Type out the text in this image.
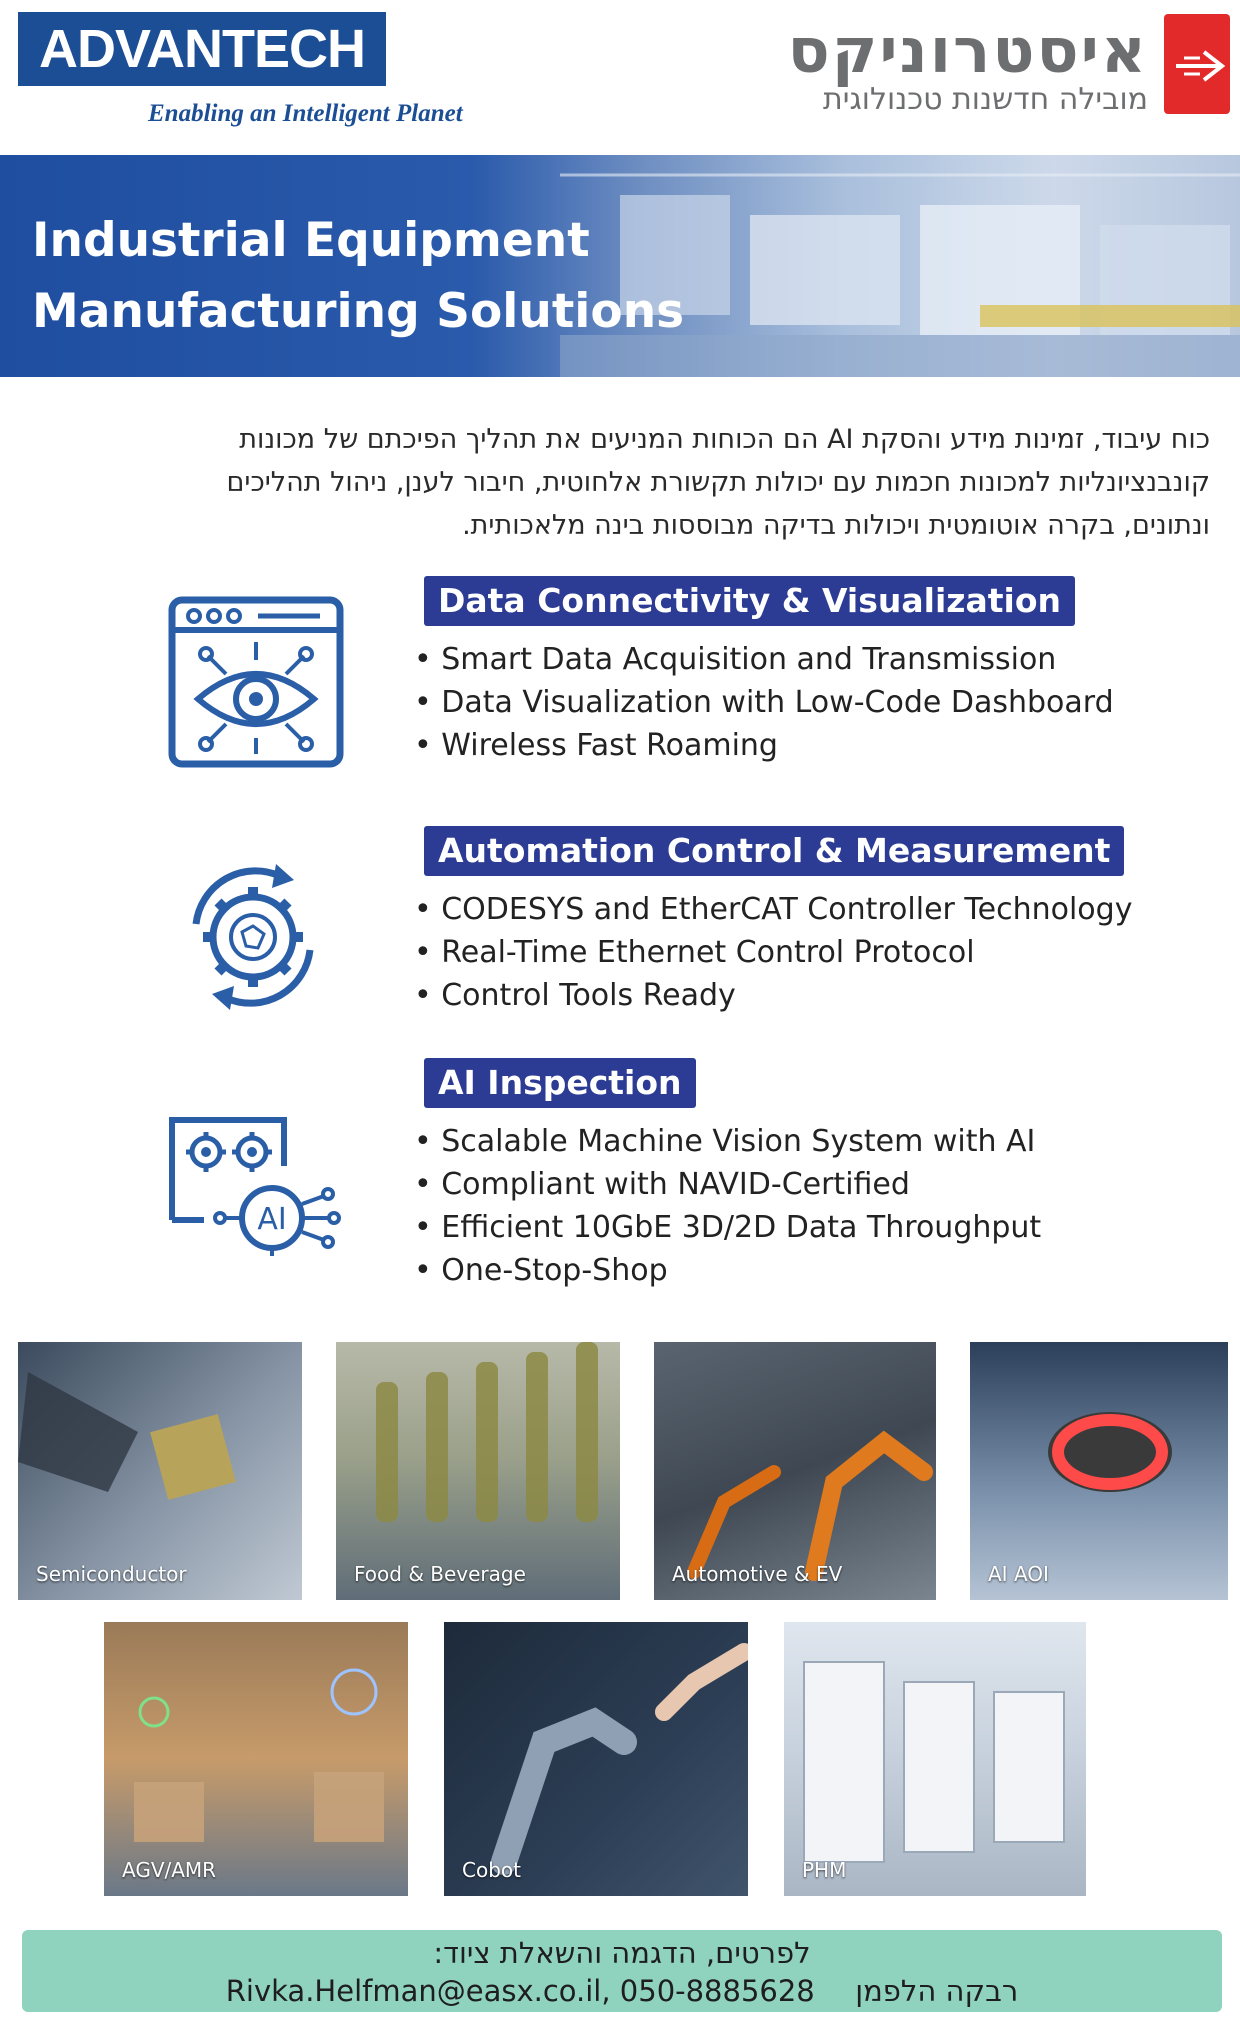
ADVANTECH
Enabling an Intelligent Planet
איסטרוניקס
מובילה חדשנות טכנולוגית
Industrial Equipment
Manufacturing Solutions
כוח עיבוד, זמינות מידע והסקת AI הם הכוחות המניעים את תהליך הפיכתם של מכונות
קונבנציונליות למכונות חכמות עם יכולות תקשורת אלחוטית, חיבור לענן, ניהול תהליכים
ונתונים, בקרה אוטומטית ויכולות בדיקה מבוססות בינה מלאכותית.
Data Connectivity & Visualization
• Smart Data Acquisition and Transmission
• Data Visualization with Low-Code Dashboard
• Wireless Fast Roaming
Automation Control & Measurement
• CODESYS and EtherCAT Controller Technology
• Real-Time Ethernet Control Protocol
• Control Tools Ready
AI
AI Inspection
• Scalable Machine Vision System with AI
• Compliant with NAVID-Certified
• Efficient 10GbE 3D/2D Data Throughput
• One-Stop-Shop
Semiconductor	Food & Beverage	Automotive & EV	AI AOI
AGV/AMR	Cobot	PHM
לפרטים, הדגמה והשאלת ציוד:
Rivka.Helfman@easx.co.il, 050-8885628 רבקה הלפמן
